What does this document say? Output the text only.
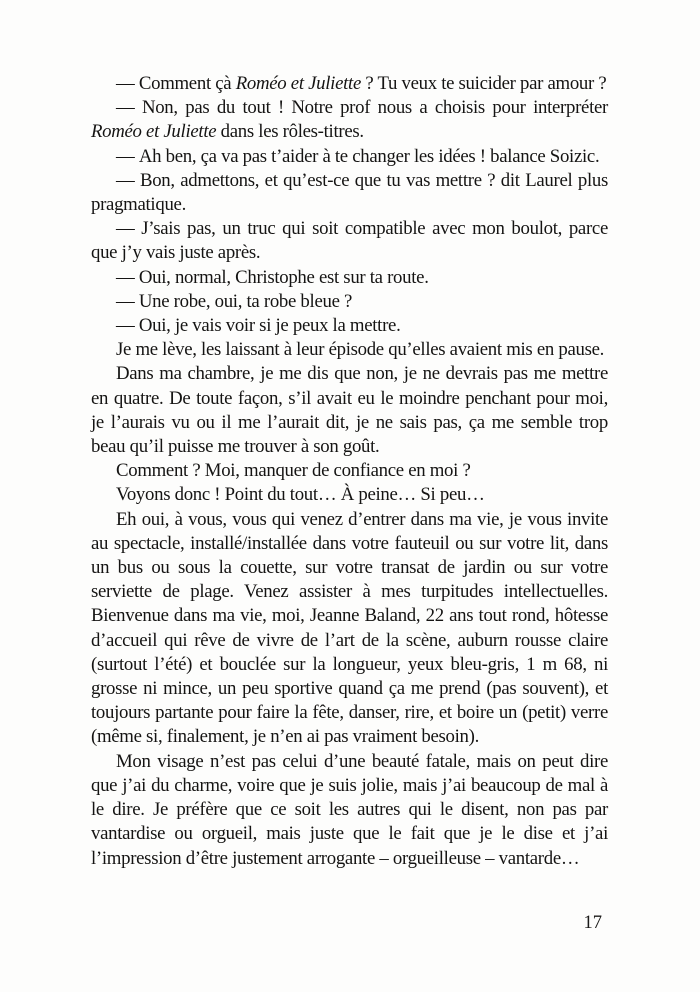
— Comment çà Roméo et Juliette ? Tu veux te suicider par amour ?

— Non, pas du tout ! Notre prof nous a choisis pour interpréter Roméo et Juliette dans les rôles-titres.

— Ah ben, ça va pas t’aider à te changer les idées ! balance Soizic.

— Bon, admettons, et qu’est-ce que tu vas mettre ? dit Laurel plus pragmatique.

— J’sais pas, un truc qui soit compatible avec mon boulot, parce que j’y vais juste après.

— Oui, normal, Christophe est sur ta route.

— Une robe, oui, ta robe bleue ?

— Oui, je vais voir si je peux la mettre.

Je me lève, les laissant à leur épisode qu’elles avaient mis en pause.

Dans ma chambre, je me dis que non, je ne devrais pas me mettre en quatre. De toute façon, s’il avait eu le moindre penchant pour moi, je l’aurais vu ou il me l’aurait dit, je ne sais pas, ça me semble trop beau qu’il puisse me trouver à son goût.

Comment ? Moi, manquer de confiance en moi ?

Voyons donc ! Point du tout… À peine… Si peu…

Eh oui, à vous, vous qui venez d’entrer dans ma vie, je vous invite au spectacle, installé/installée dans votre fauteuil ou sur votre lit, dans un bus ou sous la couette, sur votre transat de jardin ou sur votre serviette de plage. Venez assister à mes turpitudes intellectuelles. Bienvenue dans ma vie, moi, Jeanne Baland, 22 ans tout rond, hôtesse d’accueil qui rêve de vivre de l’art de la scène, auburn rousse claire (surtout l’été) et bouclée sur la longueur, yeux bleu-gris, 1 m 68, ni grosse ni mince, un peu sportive quand ça me prend (pas souvent), et toujours partante pour faire la fête, danser, rire, et boire un (petit) verre (même si, finalement, je n’en ai pas vraiment besoin).

Mon visage n’est pas celui d’une beauté fatale, mais on peut dire que j’ai du charme, voire que je suis jolie, mais j’ai beaucoup de mal à le dire. Je préfère que ce soit les autres qui le disent, non pas par vantardise ou orgueil, mais juste que le fait que je le dise et j’ai l’impression d’être justement arrogante – orgueilleuse – vantarde…

17
